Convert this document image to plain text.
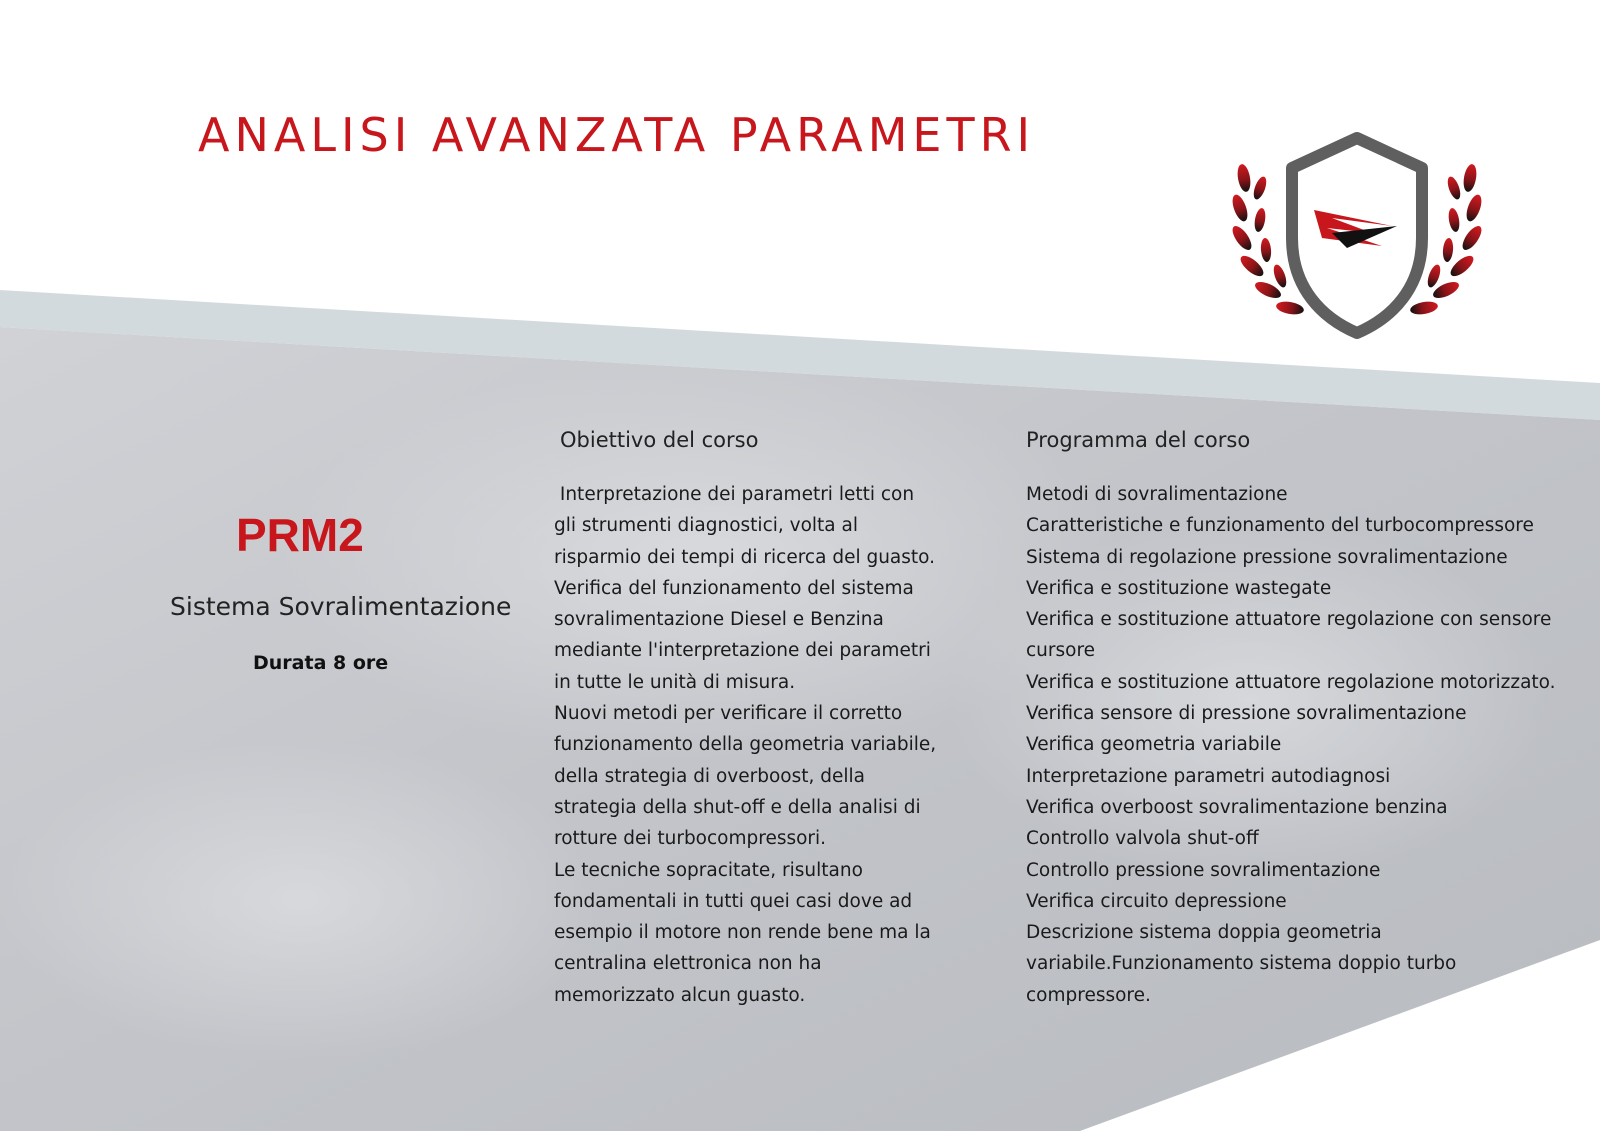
ANALISI AVANZATA PARAMETRI
PRM2
Sistema Sovralimentazione
Durata 8 ore
Obiettivo del corso	Programma del corso
Interpretazione dei parametri letti con
gli strumenti diagnostici, volta al
risparmio dei tempi di ricerca del guasto.
Verifica del funzionamento del sistema
sovralimentazione Diesel e Benzina
mediante l'interpretazione dei parametri
in tutte le unità di misura.
Nuovi metodi per verificare il corretto
funzionamento della geometria variabile,
della strategia di overboost, della
strategia della shut-off e della analisi di
rotture dei turbocompressori.
Le tecniche sopracitate, risultano
fondamentali in tutti quei casi dove ad
esempio il motore non rende bene ma la
centralina elettronica non ha
memorizzato alcun guasto.
Metodi di sovralimentazione
Caratteristiche e funzionamento del turbocompressore
Sistema di regolazione pressione sovralimentazione
Verifica e sostituzione wastegate
Verifica e sostituzione attuatore regolazione con sensore
cursore
Verifica e sostituzione attuatore regolazione motorizzato.
Verifica sensore di pressione sovralimentazione
Verifica geometria variabile
Interpretazione parametri autodiagnosi
Verifica overboost sovralimentazione benzina
Controllo valvola shut-off
Controllo pressione sovralimentazione
Verifica circuito depressione
Descrizione sistema doppia geometria
variabile.Funzionamento sistema doppio turbo
compressore.
